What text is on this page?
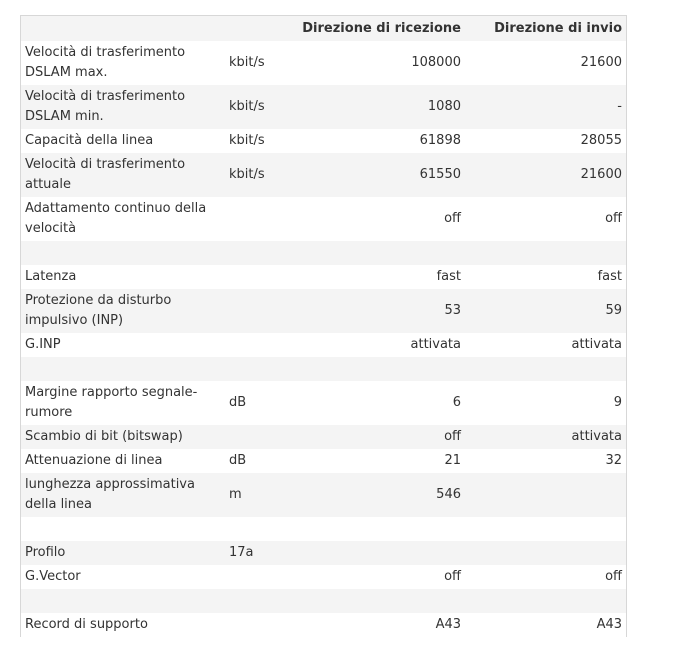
		Direzione di ricezione	Direzione di invio
Velocità di trasferimento DSLAM max.	kbit/s	108000	21600
Velocità di trasferimento DSLAM min.	kbit/s	1080	-
Capacità della linea	kbit/s	61898	28055
Velocità di trasferimento attuale	kbit/s	61550	21600
Adattamento continuo della velocità		off	off

Latenza		fast	fast
Protezione da disturbo impulsivo (INP)		53	59
G.INP		attivata	attivata

Margine rapporto segnale-rumore	dB	6	9
Scambio di bit (bitswap)		off	attivata
Attenuazione di linea	dB	21	32
lunghezza approssimativa della linea	m	546	

Profilo	17a		
G.Vector		off	off

Record di supporto		A43	A43
